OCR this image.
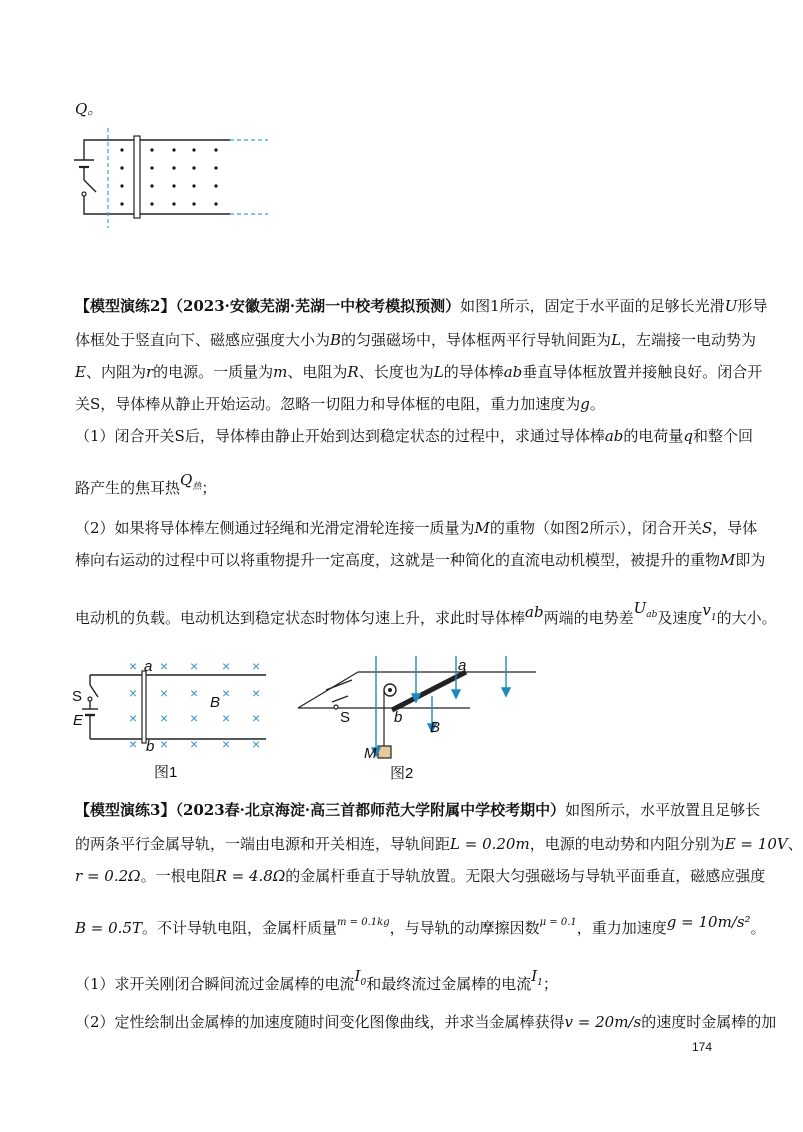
Q。
【模型演练2】（2023·安徽芜湖·芜湖一中校考模拟预测）如图1所示，固定于水平面的足够长光滑U形导
体框处于竖直向下、磁感应强度大小为B的匀强磁场中，导体框两平行导轨间距为L，左端接一电动势为
E、内阻为r的电源。一质量为m、电阻为R、长度也为L的导体棒ab垂直导体框放置并接触良好。闭合开
关S，导体棒从静止开始运动。忽略一切阻力和导体框的电阻，重力加速度为g。
（1）闭合开关S后，导体棒由静止开始到达到稳定状态的过程中，求通过导体棒ab的电荷量q和整个回
路产生的焦耳热$Q^热$；
（2）如果将导体棒左侧通过轻绳和光滑定滑轮连接一质量为M的重物（如图2所示），闭合开关S，导体
棒向右运动的过程中可以将重物提升一定高度，这就是一种简化的直流电动机模型，被提升的重物M即为
电动机的负载。电动机达到稳定状态时物体匀速上升，求此时导体棒ab两端的电势差$U^{ab}$及速度$v^1$的大小。
× × × × ×
× × × × ×
× × × × ×
× × × × ×
a
b
B
E
S
图1
a
b
B
M
S
图2
【模型演练3】（2023春·北京海淀·高三首都师范大学附属中学校考期中）如图所示，水平放置且足够长
的两条平行金属导轨，一端由电源和开关相连，导轨间距L = 0.20m，电源的电动势和内阻分别为E = 10V、
r = 0.2Ω。一根电阻R = 4.8Ω的金属杆垂直于导轨放置。无限大匀强磁场与导轨平面垂直，磁感应强度
B = 0.5T。不计导轨电阻，金属杆质量$^{m = 0.1kg}$，与导轨的动摩擦因数$^{\mu = 0.1}$，重力加速度g = 10m/s²。
（1）求开关刚闭合瞬间流过金属棒的电流$I^0$和最终流过金属棒的电流$I^1$；
（2）定性绘制出金属棒的加速度随时间变化图像曲线，并求当金属棒获得v = 20m/s的速度时金属棒的加
174
